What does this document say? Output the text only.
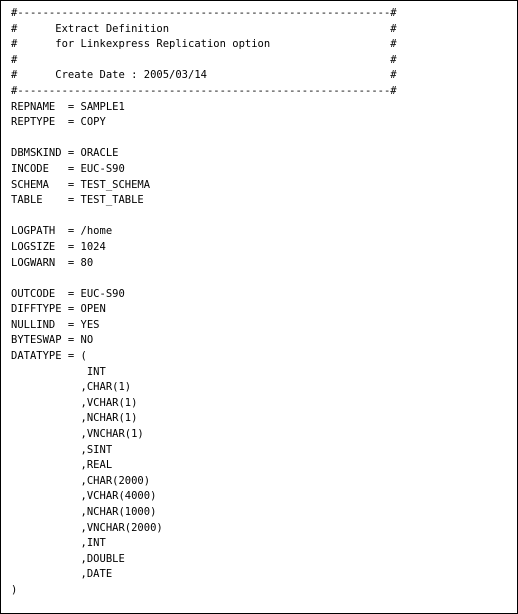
#-----------------------------------------------------------#
#      Extract Definition                                   #
#      for Linkexpress Replication option                   #
#                                                           #
#      Create Date : 2005/03/14                             #
#-----------------------------------------------------------#
REPNAME  = SAMPLE1
REPTYPE  = COPY
DBMSKIND = ORACLE
INCODE   = EUC-S90
SCHEMA   = TEST_SCHEMA
TABLE    = TEST_TABLE
LOGPATH  = /home
LOGSIZE  = 1024
LOGWARN  = 80
OUTCODE  = EUC-S90
DIFFTYPE = OPEN
NULLIND  = YES
BYTESWAP = NO
DATATYPE = (
INT
,CHAR(1)
,VCHAR(1)
,NCHAR(1)
,VNCHAR(1)
,SINT
,REAL
,CHAR(2000)
,VCHAR(4000)
,NCHAR(1000)
,VNCHAR(2000)
,INT
,DOUBLE
,DATE
)
